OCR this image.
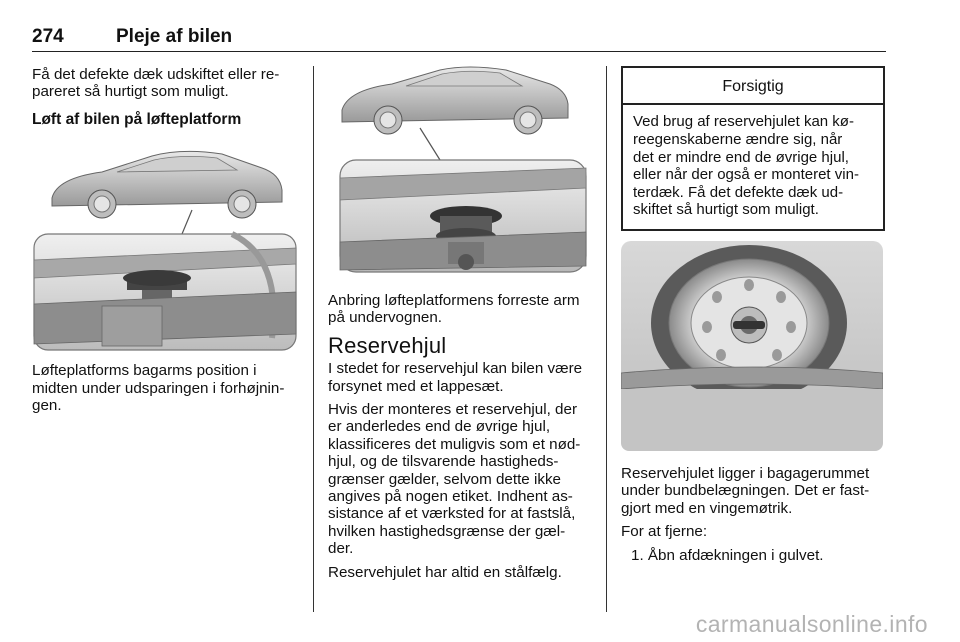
274	Pleje af bilen

Få det defekte dæk udskiftet eller re-
pareret så hurtigt som muligt.

Løft af bilen på løfteplatform

Løfteplatforms bagarms position i
midten under udsparingen i forhøjnin-
gen.

Anbring løfteplatformens forreste arm
på undervognen.

Reservehjul

I stedet for reservehjul kan bilen være
forsynet med et lappesæt.

Hvis der monteres et reservehjul, der
er anderledes end de øvrige hjul,
klassificeres det muligvis som et nød-
hjul, og de tilsvarende hastigheds-
grænser gælder, selvom dette ikke
angives på nogen etiket. Indhent as-
sistance af et værksted for at fastslå,
hvilken hastighedsgrænse der gæl-
der.

Reservehjulet har altid en stålfælg.

Forsigtig
Ved brug af reservehjulet kan kø-
reegenskaberne ændre sig, når
det er mindre end de øvrige hjul,
eller når der også er monteret vin-
terdæk. Få det defekte dæk ud-
skiftet så hurtigt som muligt.

Reservehjulet ligger i bagagerummet
under bundbelægningen. Det er fast-
gjort med en vingemøtrik.

For at fjerne:

1. Åbn afdækningen i gulvet.

carmanualsonline.info
